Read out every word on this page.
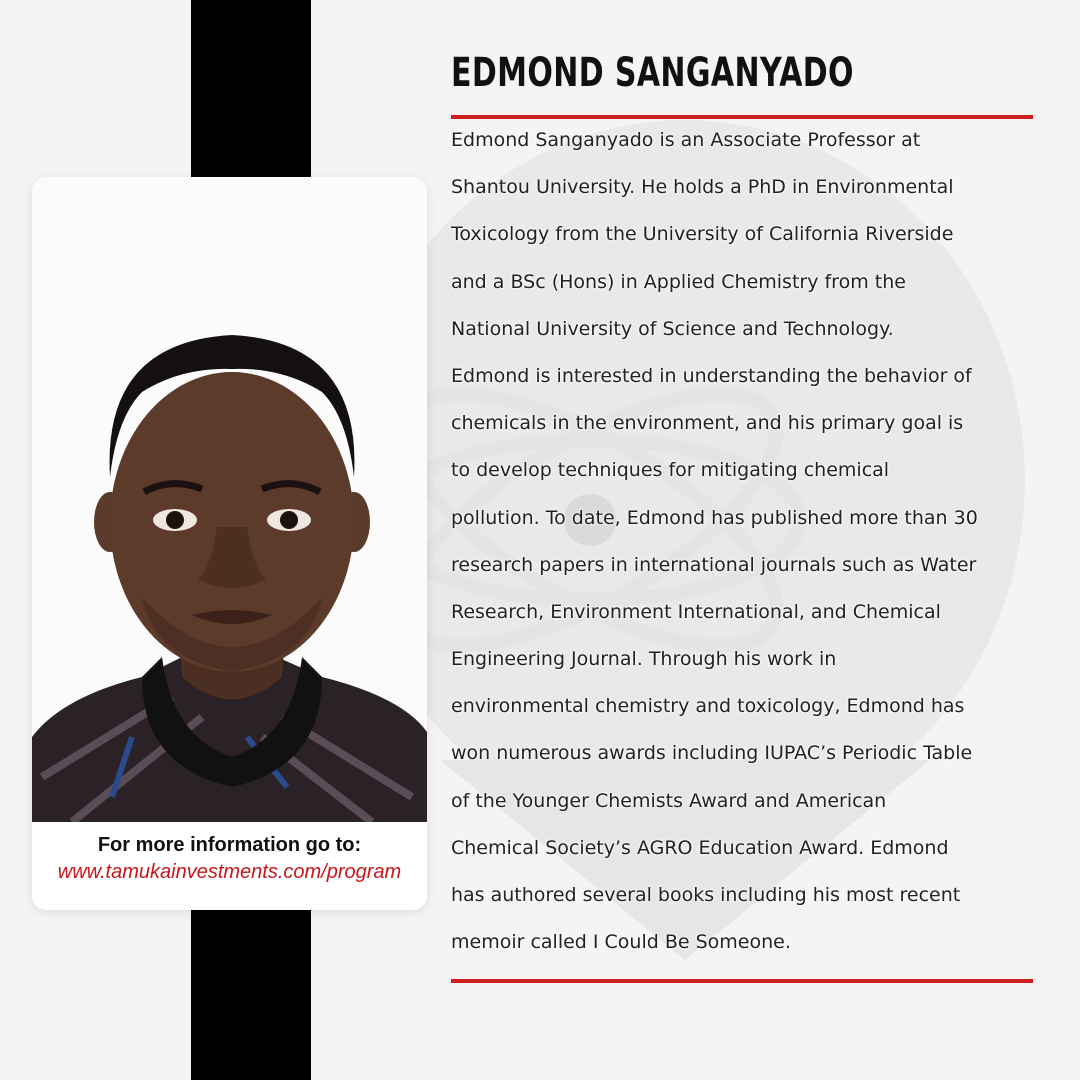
For more information go to:
www.tamukainvestments.com/program
EDMOND SANGANYADO
Edmond Sanganyado is an Associate Professor at
Shantou University. He holds a PhD in Environmental
Toxicology from the University of California Riverside
and a BSc (Hons) in Applied Chemistry from the
National University of Science and Technology.
Edmond is interested in understanding the behavior of
chemicals in the environment, and his primary goal is
to develop techniques for mitigating chemical
pollution. To date, Edmond has published more than 30
research papers in international journals such as Water
Research, Environment International, and Chemical
Engineering Journal. Through his work in
environmental chemistry and toxicology, Edmond has
won numerous awards including IUPAC’s Periodic Table
of the Younger Chemists Award and American
Chemical Society’s AGRO Education Award. Edmond
has authored several books including his most recent
memoir called I Could Be Someone.
